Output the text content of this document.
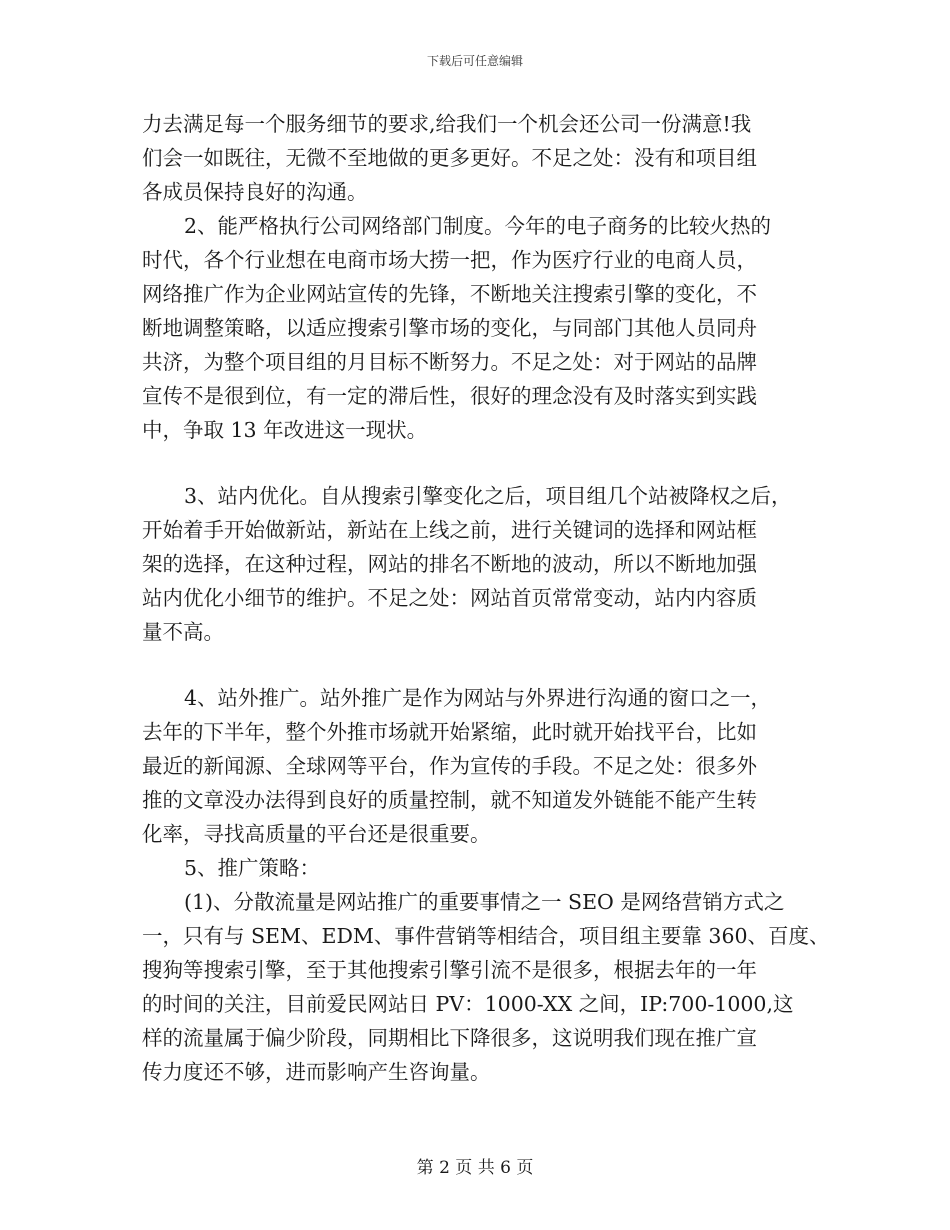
下载后可任意编辑
力去满足每一个服务细节的要求,给我们一个机会还公司一份满意!我
们会一如既往，无微不至地做的更多更好。不足之处：没有和项目组
各成员保持良好的沟通。
2、能严格执行公司网络部门制度。今年的电子商务的比较火热的
时代，各个行业想在电商市场大捞一把，作为医疗行业的电商人员，
网络推广作为企业网站宣传的先锋，不断地关注搜索引擎的变化，不
断地调整策略，以适应搜索引擎市场的变化，与同部门其他人员同舟
共济，为整个项目组的月目标不断努力。不足之处：对于网站的品牌
宣传不是很到位，有一定的滞后性，很好的理念没有及时落实到实践
中，争取 13 年改进这一现状。
3、站内优化。自从搜索引擎变化之后，项目组几个站被降权之后，
开始着手开始做新站，新站在上线之前，进行关键词的选择和网站框
架的选择，在这种过程，网站的排名不断地的波动，所以不断地加强
站内优化小细节的维护。不足之处：网站首页常常变动，站内内容质
量不高。
4、站外推广。站外推广是作为网站与外界进行沟通的窗口之一，
去年的下半年，整个外推市场就开始紧缩，此时就开始找平台，比如
最近的新闻源、全球网等平台，作为宣传的手段。不足之处：很多外
推的文章没办法得到良好的质量控制，就不知道发外链能不能产生转
化率，寻找高质量的平台还是很重要。
5、推广策略：
(1)、分散流量是网站推广的重要事情之一 SEO 是网络营销方式之
一，只有与 SEM、EDM、事件营销等相结合，项目组主要靠 360、百度、
搜狗等搜索引擎，至于其他搜索引擎引流不是很多，根据去年的一年
的时间的关注，目前爱民网站日 PV：1000-XX 之间，IP:700-1000,这
样的流量属于偏少阶段，同期相比下降很多，这说明我们现在推广宣
传力度还不够，进而影响产生咨询量。
第 2 页 共 6 页
